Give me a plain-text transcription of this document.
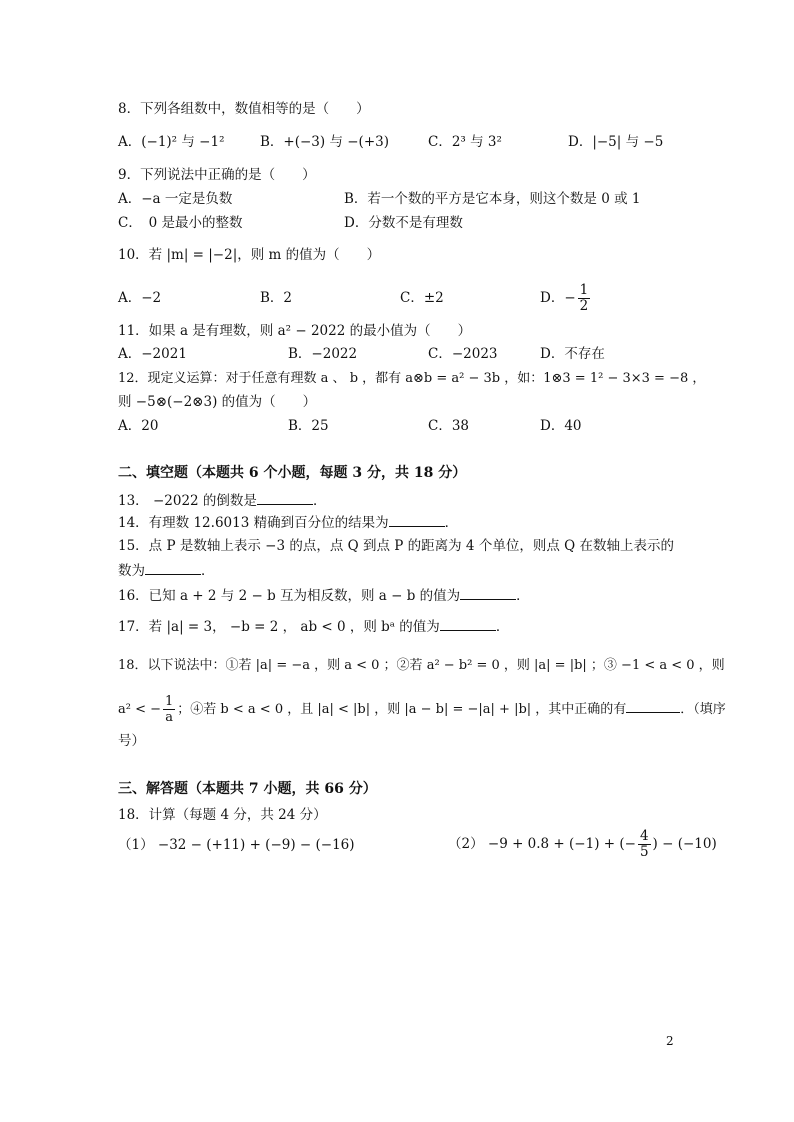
8．下列各组数中，数值相等的是（　　）
A．(−1)² 与 −1²	B．+(−3) 与 −(+3)	C．2³ 与 3²	D．|−5| 与 −5
9．下列说法中正确的是（　　）
A．−a 一定是负数	B．若一个数的平方是它本身，则这个数是 0 或 1
C．　0 是最小的整数	D．分数不是有理数
10．若 |m| = |−2|，则 m 的值为（　　）
A．−2	B．2	C．±2	D．− $\frac{1}{2}$
11．如果 a 是有理数，则 a² − 2022 的最小值为（　　）
A．−2021	B．−2022	C．−2023	D．不存在
12．现定义运算：对于任意有理数 a 、 b ，都有 a⊗b = a² − 3b ，如：1⊗3 = 1² − 3×3 = −8 ，
则 −5⊗(−2⊗3) 的值为（　　）
A．20	B．25	C．38	D．40
二、填空题（本题共 6 个小题，每题 3 分，共 18 分）
13． −2022 的倒数是	．
14．有理数 12.6013 精确到百分位的结果为	．
15．点 P 是数轴上表示 −3 的点，点 Q 到点 P 的距离为 4 个单位，则点 Q 在数轴上表示的
数为	．
16．已知 a + 2 与 2 − b 互为相反数，则 a − b 的值为	．
17．若 |a| = 3， −b = 2 ， ab < 0 ，则 bᵃ 的值为	．
18．以下说法中：①若 |a| = −a ，则 a < 0 ；②若 a² − b² = 0 ，则 |a| = |b| ；③ −1 < a < 0 ，则
a² < − $\frac{1}{a}$ ；④若 b < a < 0 ，且 |a| < |b| ，则 |a − b| = −|a| + |b| ，其中正确的有	．（填序
号）
三、解答题（本题共 7 小题，共 66 分）
18．计算（每题 4 分，共 24 分）
（1） −32 − (+11) + (−9) − (−16)	（2） −9 + 0.8 + (−1) + (− $\frac{4}{5}$ ) − (−10)
2
